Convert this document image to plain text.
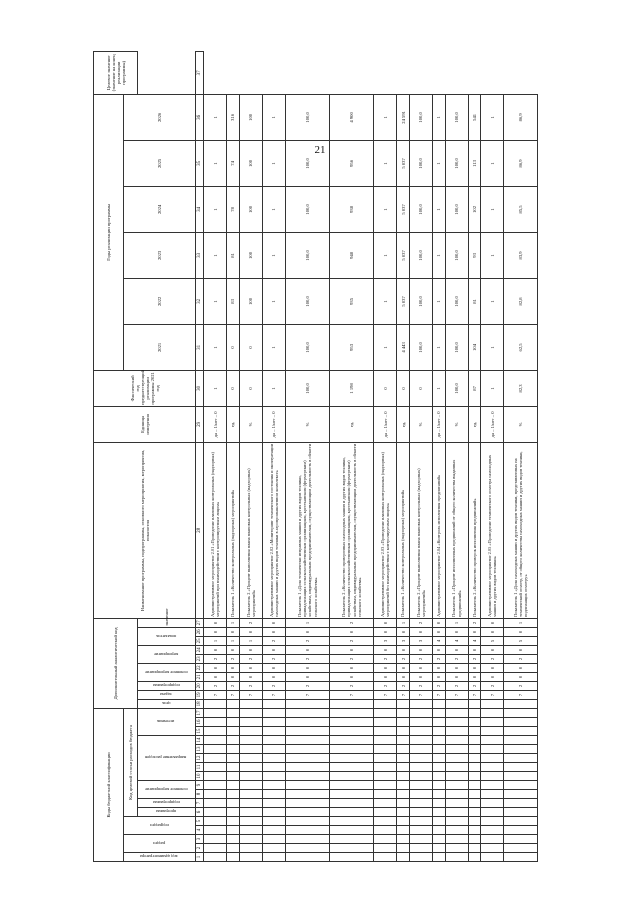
21
Коды бюджетной классификации																	Дополнительный аналитический код										Наименование программы, подпрограммы, основного мероприятия, мероприятия, показателя	Единица измерения	Фактический год предшествующий реализации программы 2021 год	Годы реализации программы						Целевое значение (значение на конец реализации программы)
код администратора	раздел		подраздел		Код целевой статьи расходов бюджета																									2021	2022	2023	2024	2025	2026	
					программа	подпрограмма	основное мероприятие		направление расходов					источник			цель	задача	подпрограмма	основное мероприятие		мероприятие		показатель		значение										
1	2	3	4	5	6	7	8	9	10	11	12	13	14	15	16	17	18	19	20	21	22	23	24	25	26	27	28	29	30	31	32	33	34	35	36	37
																		7	2	0	0	2	0	1	0	0	Административное мероприятие 2.01 «Проведение плановых контрольных (надзорных) мероприятий при взаимодействии с контролируемым лицом»	да – 1/нет – 0	1	1	1	1	1	1	1	
																		7	2	0	0	2	0	1	0	1	Показатель 1 «Количество контрольных (надзорных) мероприятий»	ед.	0	0	83	81	78	74	316	
																		7	2	0	0	2	0	1	0	2	Показатель 2 «Процент выполнения плана плановых контрольных (надзорных) мероприятий»	%	0	0	100	100	100	100	100	
																		7	2	0	0	2	0	2	0	0	Административное мероприятие 2.02 «Мониторинг технического состояния и эксплуатации самоходных машин и других видов техники в агропромышленном комплексе»	да – 1/нет – 0	1	1	1	1	1	1	1	
																		7	2	0	0	2	0	2	0	1	Показатель 1 «Доля технически исправных машин и других видов техники, принадлежащих сельскохозяйственным организациям, крестьянским (фермерским) хозяйствам, индивидуальным предпринимателям, осуществляющим деятельность в области сельского хозяйства»	%	100,0	100,0	100,0	100,0	100,0	100,0	100,0	
																		7	2	0	0	2	0	2	0	2	Показатель 2 «Количество проверенных самоходных машин и других видов техники, принадлежащих сельскохозяйственным организациям, крестьянским (фермерским) хозяйствам, индивидуальным предпринимателям, осуществляющим деятельность в области сельского хозяйства»	ед.	1 198	953	935	948	938	956	4 900	
																		7	2	0	0	2	0	3	0	0	Административное мероприятие 2.03 «Проведение плановых контрольных (надзорных) мероприятий без взаимодействия с контролируемым лицом»	да – 1/нет – 0	0	1	1	1	1	1	1	
																		7	2	0	0	2	0	3	0	1	Показатель 1 «Количество контрольных (надзорных) мероприятий»	ед.	0	4 443	5 037	5 037	5 037	5 037	24 591	
																		7	2	0	0	2	0	3	0	2	Показатель 2 «Процент выполнения плана плановых контрольных (надзорных) мероприятий»	%	0	100,0	100,0	100,0	100,0	100,0	100,0	
																		7	2	0	0	2	0	4	0	0	Административное мероприятие 2.04 «Контроль исполнения предписаний»	да – 1/нет – 0	1	1	1	1	1	1	1	
																		7	2	0	0	2	0	4	0	1	Показатель 1 «Процент исполненных предписаний от общего количества выданных предписаний»	%	100,0	100,0	100,0	100,0	100,0	100,0	100,0	
																		7	2	0	0	2	0	4	0	2	Показатель 2 «Количество проверок исполнения предписаний»	ед.	87	104	81	93	102	113	541	
																		7	2	0	0	2	0	5	0	0	Административное мероприятие 2.05 «Проведение технического осмотра самоходных машин и других видов техники»	да – 1/нет – 0	1	1	1	1	1	1	1	
																		7	2	0	0	2	0	5	0	1	Показатель 1 «Доля самоходных машин и других видов техники, представленных на технический осмотр, от общего количества самоходных машин и других видов техники, подлежащих осмотру»	%	82,3	62,5	82,8	83,9	85,5	86,9	86,9	
